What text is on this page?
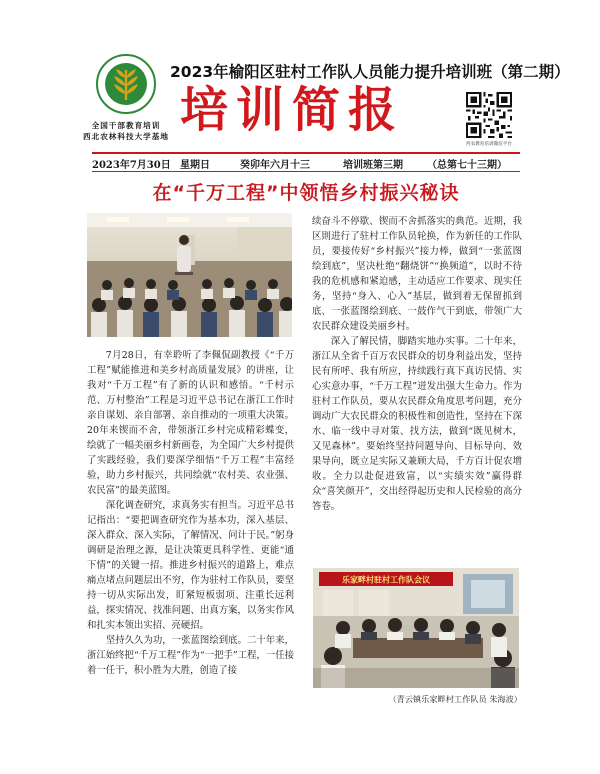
全国干部教育培训
西北农林科技大学基地
2023年榆阳区驻村工作队人员能力提升培训班（第二期）
培训简报
西农教育培训微信平台
2023年7月30日 星期日	癸卯年六月十三	培训班第三期 （总第七十三期）
在“千万工程”中领悟乡村振兴秘诀

7月28日，有幸聆听了李佩侃副教授《“千万工程”赋能推进和美乡村高质量发展》的讲座，让我对“千万工程”有了新的认识和感悟。“千村示范、万村整治”工程是习近平总书记在浙江工作时亲自谋划、亲自部署、亲自推动的一项重大决策。20年来锲而不舍，带领浙江乡村完成精彩蝶变，绘就了一幅美丽乡村新画卷，为全国广大乡村提供了实践经验，我们要深学细悟“千万工程”丰富经验，助力乡村振兴，共同绘就“农村美、农业强、农民富”的最美蓝图。

深化调查研究，求真务实有担当。习近平总书记指出：“要把调查研究作为基本功，深入基层、深入群众、深入实际，了解情况、问计于民。”躬身调研是治理之源，是让决策更具科学性、更能“通下情”的关键一招。推进乡村振兴的道路上，难点痛点堵点问题层出不穷，作为驻村工作队员，要坚持一切从实际出发，盯紧短板弱项、注重长远利益，探实情况、找准问题、出真方案，以务实作风和扎实本领出实招、亮硬招。

坚持久久为功，一张蓝图绘到底。二十年来，浙江始终把“千万工程”作为“一把手”工程，一任接着一任干，积小胜为大胜，创造了接

续奋斗不停歇、锲而不舍抓落实的典范。近期，我区則进行了驻村工作队员轮换，作为新任的工作队员，要接传好“乡村振兴”接力棒，做到“一张蓝图绘到底”，坚决杜绝“翻烧饼”“换频道”，以时不待我的危机感和紧迫感，主动适应工作要求、现实任务，坚持“身入、心入”基层，做到着无保留抓到底、一张蓝图绘到底、一鼓作气干到底，带领广大农民群众建设美丽乡村。

深入了解民情，脚踏实地办实事。二十年来，浙江从全省千百万农民群众的切身利益出发，坚持民有所呼、我有所应，持续践行真下真访民情、实心实意办事，“千万工程”迸发出强大生命力。作为驻村工作队员，要从农民群众角度思考问题，充分调动广大农民群众的积极性和创造性，坚持在下深水、临一线中寻对策、找方法，做到“既见树木，又见森林”。要始终坚持问题导向、目标导向、效果导向，既立足实际又兼顾大局，千方百计促农增收。全力以赴促进致富，以“实绩实效”赢得群众“喜笑颜开”，交出经得起历史和人民检验的高分答卷。

乐家畔村驻村工作队会议
（青云镇乐家畔村工作队员 朱海波）
